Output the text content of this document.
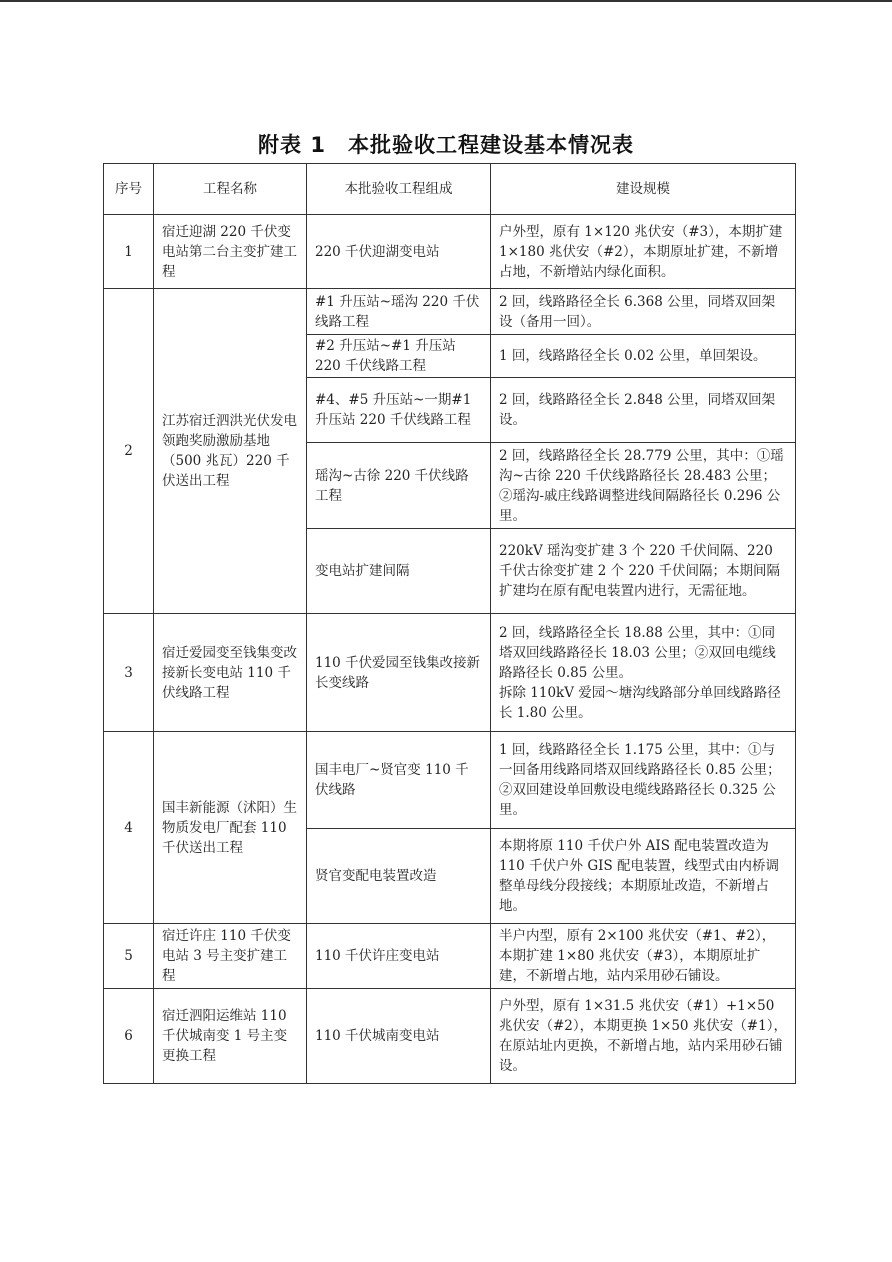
附表 1　本批验收工程建设基本情况表
序号	工程名称	本批验收工程组成	建设规模
1	宿迁迎湖 220 千伏变电站第二台主变扩建工程	220 千伏迎湖变电站	户外型，原有 1×120 兆伏安（#3），本期扩建 1×180 兆伏安（#2），本期原址扩建，不新增占地，不新增站内绿化面积。
2	江苏宿迁泗洪光伏发电领跑奖励激励基地（500 兆瓦）220 千伏送出工程	#1 升压站~瑶沟 220 千伏线路工程	2 回，线路路径全长 6.368 公里，同塔双回架设（备用一回）。
		#2 升压站~#1 升压站 220 千伏线路工程	1 回，线路路径全长 0.02 公里，单回架设。
		#4、#5 升压站~一期#1 升压站 220 千伏线路工程	2 回，线路路径全长 2.848 公里，同塔双回架设。
		瑶沟~古徐 220 千伏线路工程	2 回，线路路径全长 28.779 公里，其中：①瑶沟~古徐 220 千伏线路路径长 28.483 公里；②瑶沟-戚庄线路调整进线间隔路径长 0.296 公里。
		变电站扩建间隔	220kV 瑶沟变扩建 3 个 220 千伏间隔、220 千伏古徐变扩建 2 个 220 千伏间隔；本期间隔扩建均在原有配电装置内进行，无需征地。
3	宿迁爱园变至钱集变改接新长变电站 110 千伏线路工程	110 千伏爱园至钱集改接新长变线路	2 回，线路路径全长 18.88 公里，其中：①同塔双回线路路径长 18.03 公里；②双回电缆线路路径长 0.85 公里。
拆除 110kV 爱园～塘沟线路部分单回线路路径长 1.80 公里。

4	国丰新能源（沭阳）生物质发电厂配套 110 千伏送出工程	国丰电厂~贤官变 110 千伏线路	1 回，线路路径全长 1.175 公里，其中：①与一回备用线路同塔双回线路路径长 0.85 公里；②双回建设单回敷设电缆线路路径长 0.325 公里。
		贤官变配电装置改造	本期将原 110 千伏户外 AIS 配电装置改造为 110 千伏户外 GIS 配电装置，线型式由内桥调整单母线分段接线；本期原址改造，不新增占地。
5	宿迁许庄 110 千伏变电站 3 号主变扩建工程	110 千伏许庄变电站	半户内型，原有 2×100 兆伏安（#1、#2），本期扩建 1×80 兆伏安（#3），本期原址扩建，不新增占地，站内采用砂石铺设。
6	宿迁泗阳运维站 110 千伏城南变 1 号主变更换工程	110 千伏城南变电站	户外型，原有 1×31.5 兆伏安（#1）+1×50 兆伏安（#2），本期更换 1×50 兆伏安（#1），在原站址内更换，不新增占地，站内采用砂石铺设。
